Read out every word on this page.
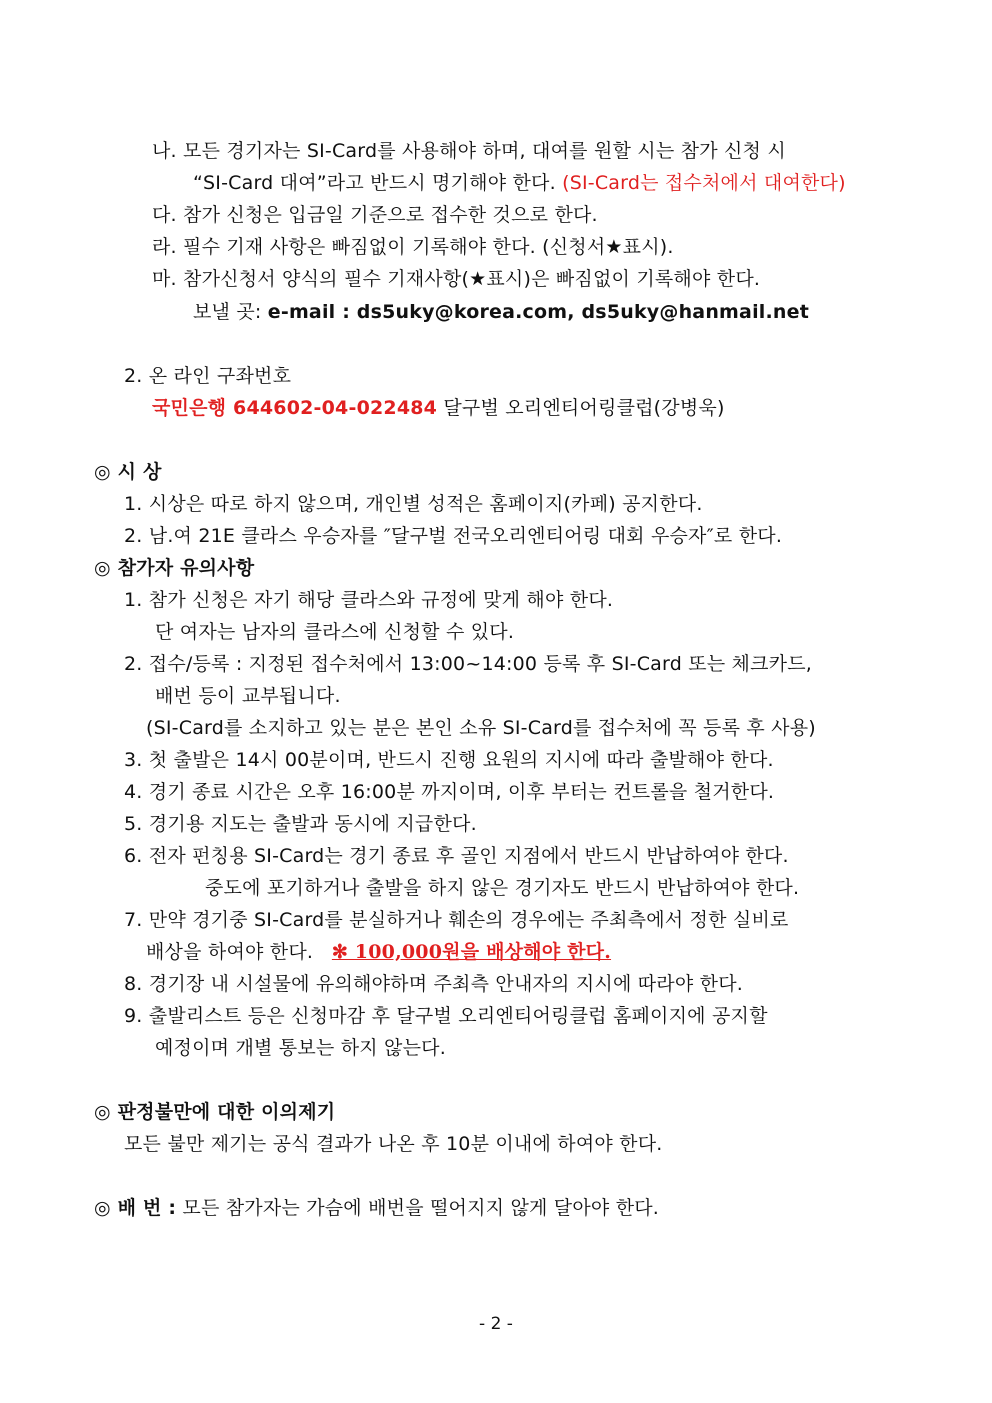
나. 모든 경기자는 SI-Card를 사용해야 하며, 대여를 원할 시는 참가 신청 시
“SI-Card 대여”라고 반드시 명기해야 한다. (SI-Card는 접수처에서 대여한다)
다. 참가 신청은 입금일 기준으로 접수한 것으로 한다.
라. 필수 기재 사항은 빠짐없이 기록해야 한다. (신청서★표시).
마. 참가신청서 양식의 필수 기재사항(★표시)은 빠짐없이 기록해야 한다.
보낼 곳: e-mail : ds5uky@korea.com, ds5uky@hanmail.net
2. 온 라인 구좌번호
국민은행 644602-04-022484 달구벌 오리엔티어링클럽(강병욱)
◎ 시 상
1. 시상은 따로 하지 않으며, 개인별 성적은 홈페이지(카페) 공지한다.
2. 남.여 21E 클라스 우승자를 ″달구벌 전국오리엔티어링 대회 우승자″로 한다.
◎ 참가자 유의사항
1. 참가 신청은 자기 해당 클라스와 규정에 맞게 해야 한다.
단 여자는 남자의 클라스에 신청할 수 있다.
2. 접수/등록 : 지정된 접수처에서 13:00~14:00 등록 후 SI-Card 또는 체크카드,
배번 등이 교부됩니다.
(SI-Card를 소지하고 있는 분은 본인 소유 SI-Card를 접수처에 꼭 등록 후 사용)
3. 첫 출발은 14시 00분이며, 반드시 진행 요원의 지시에 따라 출발해야 한다.
4. 경기 종료 시간은 오후 16:00분 까지이며, 이후 부터는 컨트롤을 철거한다.
5. 경기용 지도는 출발과 동시에 지급한다.
6. 전자 펀칭용 SI-Card는 경기 종료 후 골인 지점에서 반드시 반납하여야 한다.
중도에 포기하거나 출발을 하지 않은 경기자도 반드시 반납하여야 한다.
7. 만약 경기중 SI-Card를 분실하거나 훼손의 경우에는 주최측에서 정한 실비로
배상을 하여야 한다. ✻ 100,000원을 배상해야 한다.
8. 경기장 내 시설물에 유의해야하며 주최측 안내자의 지시에 따라야 한다.
9. 출발리스트 등은 신청마감 후 달구벌 오리엔티어링클럽 홈페이지에 공지할
예정이며 개별 통보는 하지 않는다.
◎ 판정불만에 대한 이의제기
모든 불만 제기는 공식 결과가 나온 후 10분 이내에 하여야 한다.
◎ 배 번 : 모든 참가자는 가슴에 배번을 떨어지지 않게 달아야 한다.
- 2 -
